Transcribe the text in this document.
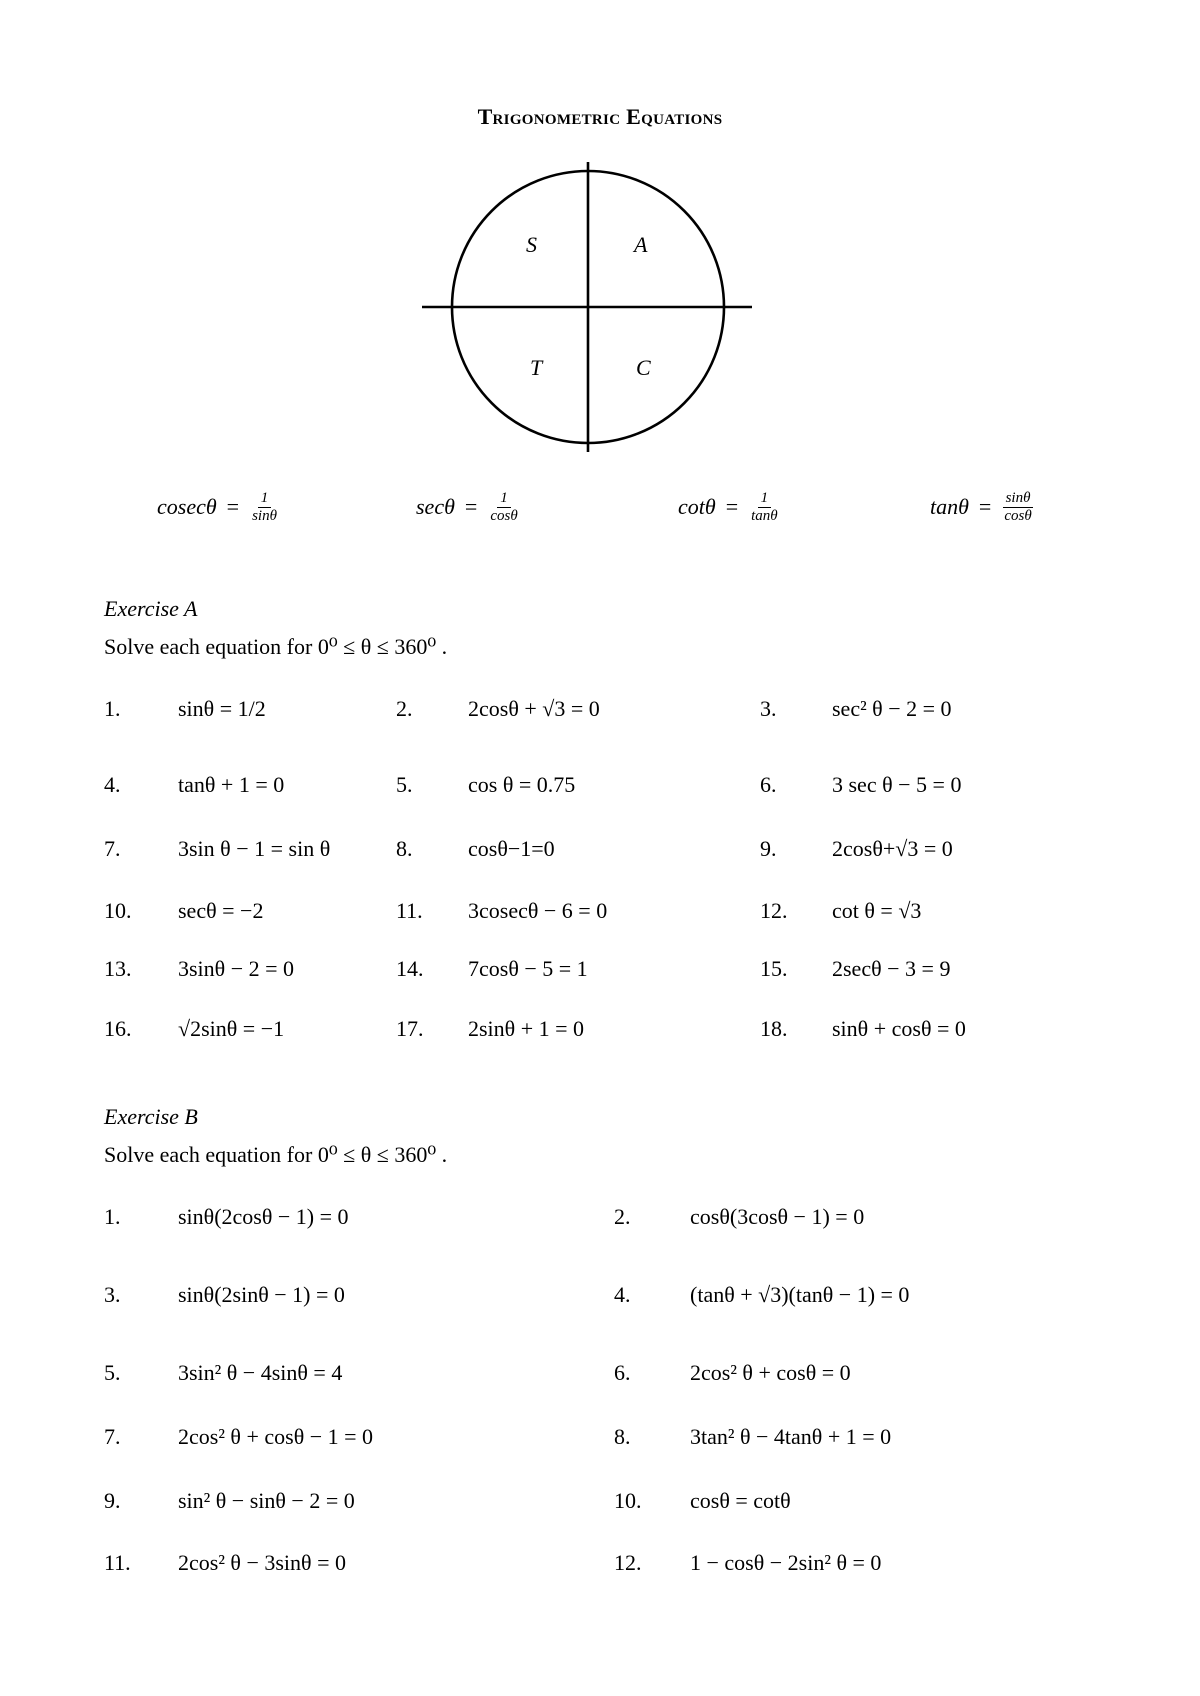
Trigonometric Equations
S	A
T	C
$cosec\theta = \frac{1}{\sin\theta}$	$\sec\theta = \frac{1}{\cos\theta}$	$\cot\theta = \frac{1}{\tan\theta}$	$\tan\theta = \frac{\sin\theta}{\cos\theta}$
Exercise A
Solve each equation for 0⁰ ≤ θ ≤ 360⁰ .
1.	sinθ = 1/2	2.	2cosθ + √3 = 0	3.	sec² θ − 2 = 0
4.	tanθ + 1 = 0	5.	cos θ = 0.75	6.	3 sec θ − 5 = 0
7.	3sin θ − 1 = sin θ	8.	cosθ−1=0	9.	2cosθ+√3 = 0
10. secθ = −2	11. 3cosecθ − 6 = 0	12. cot θ = √3
13. 3sinθ − 2 = 0	14. 7cosθ − 5 = 1	15. 2secθ − 3 = 9
16. √2sinθ = −1	17. 2sinθ + 1 = 0	18. sinθ + cosθ = 0
Exercise B
Solve each equation for 0⁰ ≤ θ ≤ 360⁰ .
1.	sinθ(2cosθ − 1) = 0	2.	cosθ(3cosθ − 1) = 0
3.	sinθ(2sinθ − 1) = 0	4.	(tanθ + √3)(tanθ − 1) = 0
5.	3sin² θ − 4sinθ = 4	6.	2cos² θ + cosθ = 0
7.	2cos² θ + cosθ − 1 = 0	8.	3tan² θ − 4tanθ + 1 = 0
9.	sin² θ − sinθ − 2 = 0	10. cosθ = cotθ
11. 2cos² θ − 3sinθ = 0	12. 1 − cosθ − 2sin² θ = 0
